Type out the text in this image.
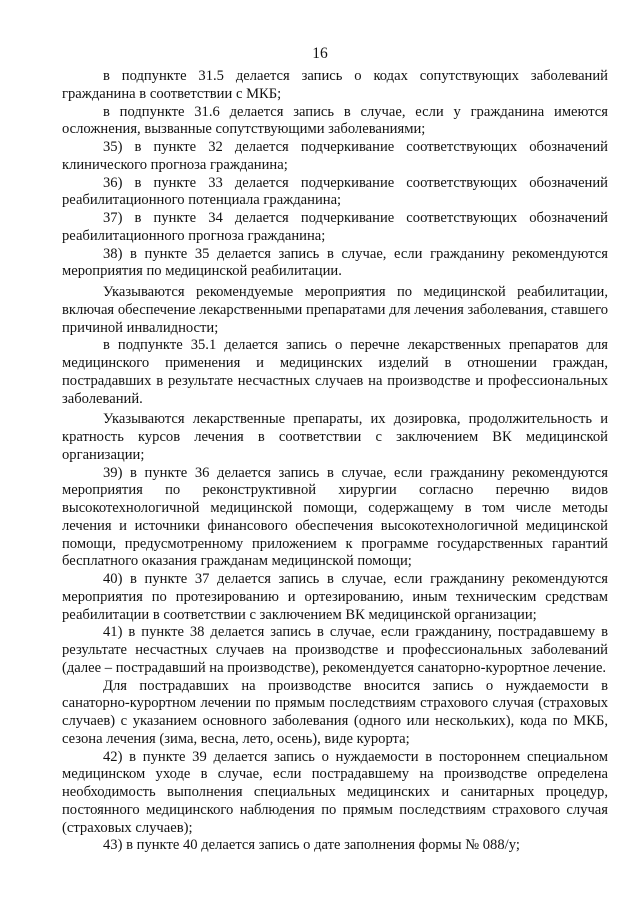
16

в подпункте 31.5 делается запись о кодах сопутствующих заболеваний гражданина в соответствии с МКБ;

в подпункте 31.6 делается запись в случае, если у гражданина имеются осложнения, вызванные сопутствующими заболеваниями;

35) в пункте 32 делается подчеркивание соответствующих обозначений клинического прогноза гражданина;

36) в пункте 33 делается подчеркивание соответствующих обозначений реабилитационного потенциала гражданина;

37) в пункте 34 делается подчеркивание соответствующих обозначений реабилитационного прогноза гражданина;

38) в пункте 35 делается запись в случае, если гражданину рекомендуются мероприятия по медицинской реабилитации.

Указываются рекомендуемые мероприятия по медицинской реабилитации, включая обеспечение лекарственными препаратами для лечения заболевания, ставшего причиной инвалидности;

в подпункте 35.1 делается запись о перечне лекарственных препаратов для медицинского применения и медицинских изделий в отношении граждан, пострадавших в результате несчастных случаев на производстве и профессиональных заболеваний.

Указываются лекарственные препараты, их дозировка, продолжительность и кратность курсов лечения в соответствии с заключением ВК медицинской организации;

39) в пункте 36 делается запись в случае, если гражданину рекомендуются мероприятия по реконструктивной хирургии согласно перечню видов высокотехнологичной медицинской помощи, содержащему в том числе методы лечения и источники финансового обеспечения высокотехнологичной медицинской помощи, предусмотренному приложением к программе государственных гарантий бесплатного оказания гражданам медицинской помощи;

40) в пункте 37 делается запись в случае, если гражданину рекомендуются мероприятия по протезированию и ортезированию, иным техническим средствам реабилитации в соответствии с заключением ВК медицинской организации;

41) в пункте 38 делается запись в случае, если гражданину, пострадавшему в результате несчастных случаев на производстве и профессиональных заболеваний (далее – пострадавший на производстве), рекомендуется санаторно-курортное лечение.

Для пострадавших на производстве вносится запись о нуждаемости в санаторно-курортном лечении по прямым последствиям страхового случая (страховых случаев) с указанием основного заболевания (одного или нескольких), кода по МКБ, сезона лечения (зима, весна, лето, осень), виде курорта;

42) в пункте 39 делается запись о нуждаемости в постороннем специальном медицинском уходе в случае, если пострадавшему на производстве определена необходимость выполнения специальных медицинских и санитарных процедур, постоянного медицинского наблюдения по прямым последствиям страхового случая (страховых случаев);

43) в пункте 40 делается запись о дате заполнения формы № 088/у;
